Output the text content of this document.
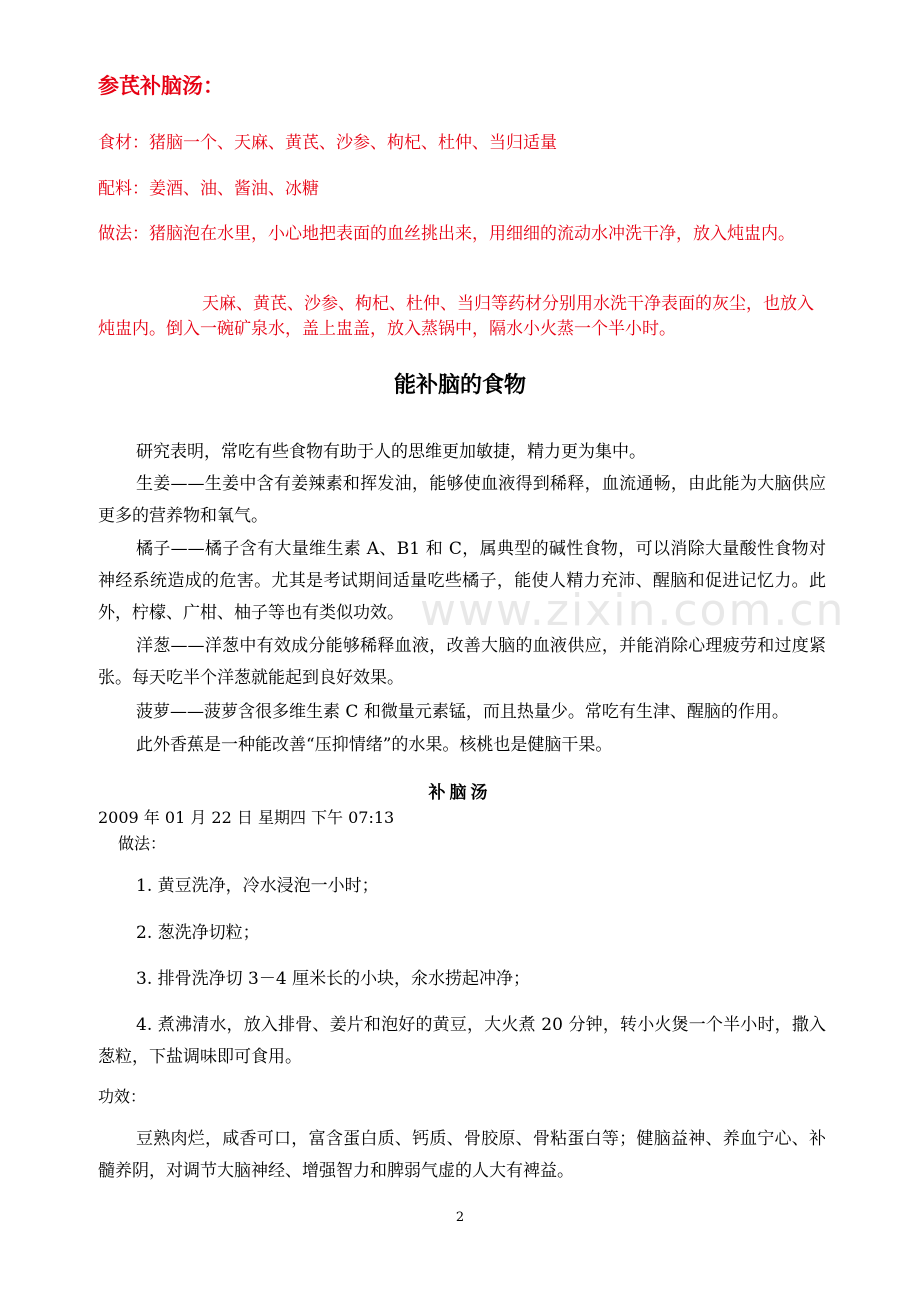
参芪补脑汤：
食材：猪脑一个、天麻、黄芪、沙参、枸杞、杜仲、当归适量
配料：姜酒、油、酱油、冰糖
做法：猪脑泡在水里，小心地把表面的血丝挑出来，用细细的流动水冲洗干净，放入炖盅内。
天麻、黄芪、沙参、枸杞、杜仲、当归等药材分别用水洗干净表面的灰尘，也放入炖盅内。倒入一碗矿泉水，盖上盅盖，放入蒸锅中，隔水小火蒸一个半小时。
能补脑的食物
www.zixin.com.cn
研究表明，常吃有些食物有助于人的思维更加敏捷，精力更为集中。
生姜——生姜中含有姜辣素和挥发油，能够使血液得到稀释，血流通畅，由此能为大脑供应更多的营养物和氧气。
橘子——橘子含有大量维生素 A、B1 和 C，属典型的碱性食物，可以消除大量酸性食物对神经系统造成的危害。尤其是考试期间适量吃些橘子，能使人精力充沛、醒脑和促进记忆力。此外，柠檬、广柑、柚子等也有类似功效。
洋葱——洋葱中有效成分能够稀释血液，改善大脑的血液供应，并能消除心理疲劳和过度紧张。每天吃半个洋葱就能起到良好效果。
菠萝——菠萝含很多维生素 C 和微量元素锰，而且热量少。常吃有生津、醒脑的作用。
此外香蕉是一种能改善“压抑情绪”的水果。核桃也是健脑干果。
补脑汤
2009 年 01 月 22 日 星期四 下午 07:13
做法：
1. 黄豆洗净，冷水浸泡一小时；
2. 葱洗净切粒；
3. 排骨洗净切 3－4 厘米长的小块，氽水捞起冲净；
4. 煮沸清水，放入排骨、姜片和泡好的黄豆，大火煮 20 分钟，转小火煲一个半小时，撒入葱粒，下盐调味即可食用。
功效：
豆熟肉烂，咸香可口，富含蛋白质、钙质、骨胶原、骨粘蛋白等；健脑益神、养血宁心、补髓养阴，对调节大脑神经、增强智力和脾弱气虚的人大有裨益。
2
